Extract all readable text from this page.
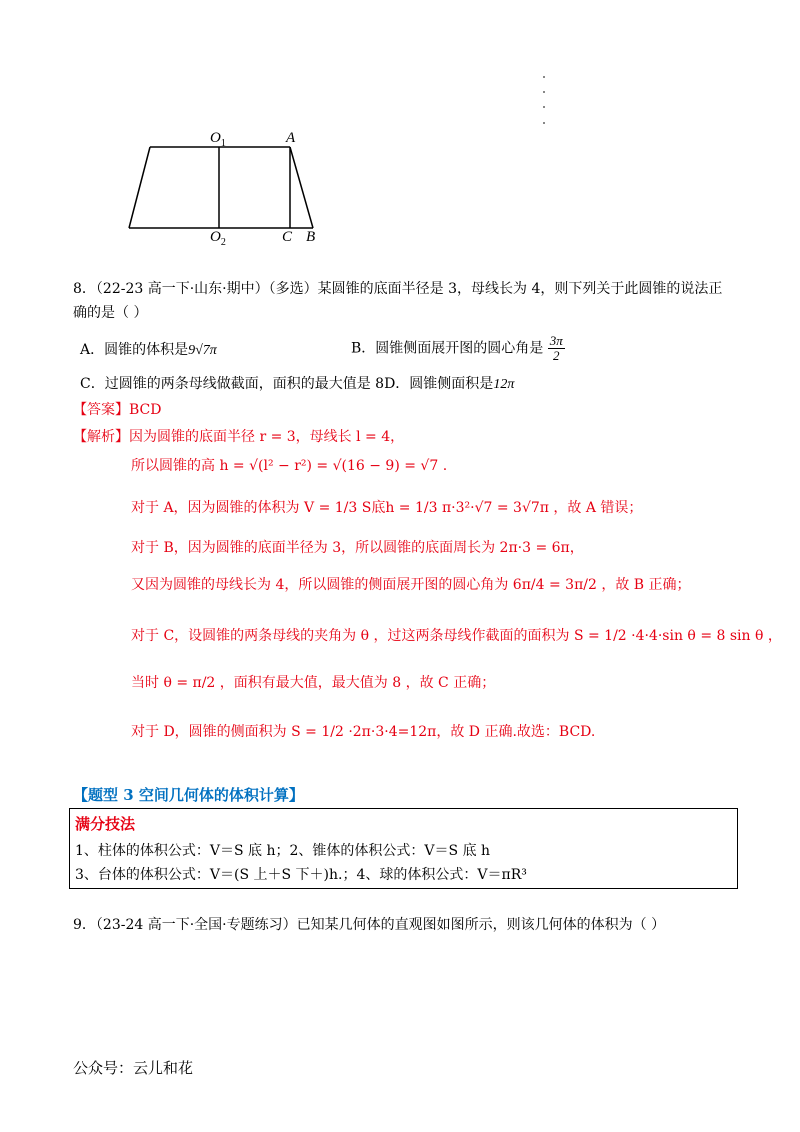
$O_1$	A
$O_2$	C B
8．（22-23 高一下·山东·期中）（多选）某圆锥的底面半径是 3，母线长为 4，则下列关于此圆锥的说法正
确的是（ ）
A．圆锥的体积是9√7π	B．圆锥侧面展开图的圆心角是 $\frac{3\pi}{2}$
C．过圆锥的两条母线做截面，面积的最大值是 8D．圆锥侧面积是12π
【答案】BCD
【解析】因为圆锥的底面半径 r = 3，母线长 l = 4，
所以圆锥的高 h = √(l² − r²) = √(16 − 9) = √7 .
对于 A，因为圆锥的体积为 V = 1/3 S底h = 1/3 π·3²·√7 = 3√7π ，故 A 错误；
对于 B，因为圆锥的底面半径为 3，所以圆锥的底面周长为 2π·3 = 6π，
又因为圆锥的母线长为 4，所以圆锥的侧面展开图的圆心角为 6π/4 = 3π/2 ，故 B 正确；
对于 C，设圆锥的两条母线的夹角为 θ ，过这两条母线作截面的面积为 S = 1/2 ·4·4·sin θ = 8 sin θ ，
当时 θ = π/2 ，面积有最大值，最大值为 8 ，故 C 正确；
对于 D，圆锥的侧面积为 S = 1/2 ·2π·3·4=12π，故 D 正确.故选：BCD.
【题型 3 空间几何体的体积计算】
满分技法
1、柱体的体积公式：V＝S 底 h；2、锥体的体积公式：V＝S 底 h
3、台体的体积公式：V＝(S 上＋S 下＋)h.；4、球的体积公式：V＝πR³
9．（23-24 高一下·全国·专题练习）已知某几何体的直观图如图所示，则该几何体的体积为（ ）
公众号：云儿和花
